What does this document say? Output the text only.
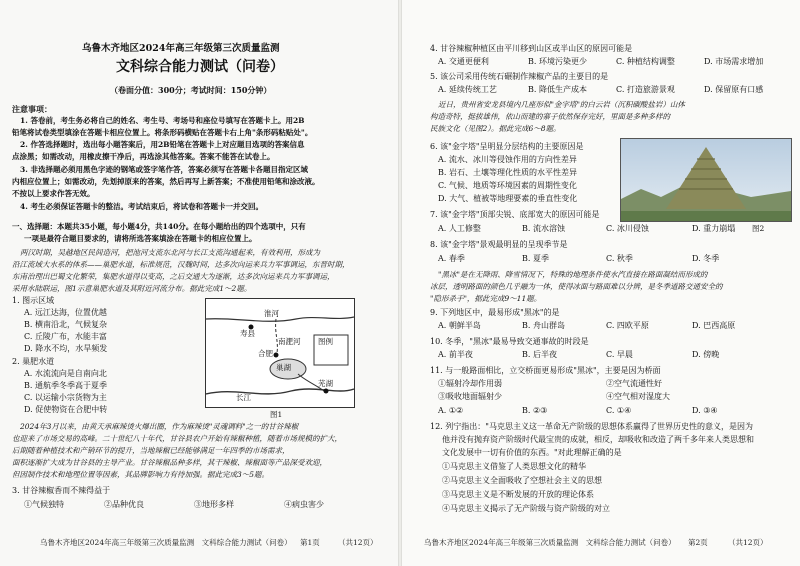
乌鲁木齐地区2024年高三年级第三次质量监测
文科综合能力测试（问卷）
（卷面分值：300分；考试时间：150分钟）
注意事项：
1. 答卷前，考生务必将自己的姓名、考生号、考场号和座位号填写在答题卡上。用2B
铅笔将试卷类型填涂在答题卡相应位置上。将条形码横贴在答题卡右上角"条形码粘贴处"。
2. 作答选择题时，选出每小题答案后，用2B铅笔在答题卡上对应题目选项的答案信息
点涂黑；如需改动，用橡皮擦干净后，再选涂其他答案。答案不能答在试卷上。
3. 非选择题必须用黑色字迹的钢笔或签字笔作答，答案必须写在答题卡各题目指定区域
内相应位置上；如需改动，先划掉原来的答案，然后再写上新答案；不准使用铅笔和涂改液。
不按以上要求作答无效。
4. 考生必须保证答题卡的整洁。考试结束后，将试卷和答题卡一并交回。
一、选择题：本题共35小题，每小题4分，共140分。在每小题给出的四个选项中，只有
一项是最符合题目要求的，请将所选答案填涂在答题卡的相应位置上。
两汉时期，吴越地区民间造河，把池河支流东北河与长江支流沟通起来，有效利用，形成为
沿江流域大水系的体系——巢肥水道，标准规范，汉魏时间，达多次向运来兵力军事调运，东晋时期，
东南治理出巴蜀文化繁荣，集肥水道得以变高，之后交通大为逐渐，达多次向运来兵力军事调运，
采用水陆联运，图1示意巢肥水道及其附近河流分布。据此完成1～2题。
1. 图示区域
A. 远江达海，位置优越
B. 横南沿北，气候复杂
C. 丘陵广布，水能丰富
D. 降水不均，水旱频发
2. 巢肥水道
A. 水流流向是自南向北
B. 通航季冬季高于夏季
C. 以运输小宗货物为主
D. 促使物资在合肥中转
淮河
寿县
巢湖
合肥
长江
南淝河
芜湖
图例
图1
2024年3月以来，由黄天承麻辣烫火爆出圈，作为麻辣烫"灵魂调料"之一的甘谷辣椒
也迎来了市场交易的高峰。二十世纪八十年代，甘谷县农户开始有辣椒种植，随着市场规模的扩大，
后期随着种植技术和产销环节的提升，当地辣椒已经能够满足一年四季的市场需求，
面积逐渐扩大成为甘谷县的主导产业。甘谷辣椒品种多样，其干辣椒、辣椒面等产品深受欢迎，
但因制作技术和地理位置等因素，其品牌影响力有待加强。据此完成3～5题。
3. 甘谷辣椒香而不辣得益于
①气候独特	②品种优良	③地形多样	④病虫害少
乌鲁木齐地区2024年高三年级第三次质量监测　文科综合能力测试（问卷） 第1页 （共12页）
4. 甘谷辣椒种植区由平川移到山区或半山区的原因可能是
A. 交通更便利	B. 环境污染更少	C. 种植结构调整	D. 市场需求增加
5. 该公司采用传统石碾制作辣椒产品的主要目的是
A. 延续传统工艺	B. 降低生产成本	C. 打造旅游景观	D. 保留原有口感
近日，贵州省安龙县境内几座形似"金字塔"的白云岩（沉积碳酸盐岩）山体
构造奇特，挺拔雄伟，依山而建的寨子依然保存完好，里面是多种多样的
民族文化（见图2）。据此完成6～8题。
图2
6. 该"金字塔"呈明显分层结构的主要原因是
A. 流水、冰川等侵蚀作用的方向性差异
B. 岩石、土壤等理化性质的水平性差异
C. 气候、地质等环境因素的周期性变化
D. 大气、植被等地理要素的垂直性变化
7. 该"金字塔"顶部尖锐、底部宽大的原因可能是
A. 人工修整	B. 流水溶蚀	C. 冰川侵蚀	D. 重力崩塌
8. 该"金字塔"景观最明显的呈现季节是
A. 春季	B. 夏季	C. 秋季	D. 冬季
"黑冰"是在无降雨、降雪情况下，特殊的地理条件使水汽直接在路面凝结而形成的
冰层，透明路面的颜色几乎融为一体，使得冰面与路面难以分辨，是冬季道路交通安全的
"隐形杀手"，据此完成9～11题。
9. 下列地区中，最易形成"黑冰"的是
A. 朝鲜半岛	B. 舟山群岛	C. 四欧平原	D. 巴西高原
10. 冬季，"黑冰"最易导致交通事故的时段是
A. 前半夜	B. 后半夜	C. 早晨	D. 傍晚
11. 与一般路面相比，立交桥面更易形成"黑冰"，主要是因为桥面
①辐射冷却作用弱	②空气流通性好
③吸收地面辐射少	④空气相对湿度大
A. ①②	B. ②③	C. ①④	D. ③④
12. 列宁指出："马克思主义这一革命无产阶级的思想体系赢得了世界历史性的意义，是因为
他并没有抛弃资产阶级时代最宝贵的成就，相反，却吸收和改造了两千多年来人类思想和
文化发展中一切有价值的东西。"对此理解正确的是
①马克思主义借鉴了人类思想文化的精华
②马克思主义全面吸收了空想社会主义的思想
③马克思主义是不断发展的开放的理论体系
④马克思主义揭示了无产阶级与资产阶级的对立
乌鲁木齐地区2024年高三年级第三次质量监测　文科综合能力测试（问卷） 第2页	（共12页）
